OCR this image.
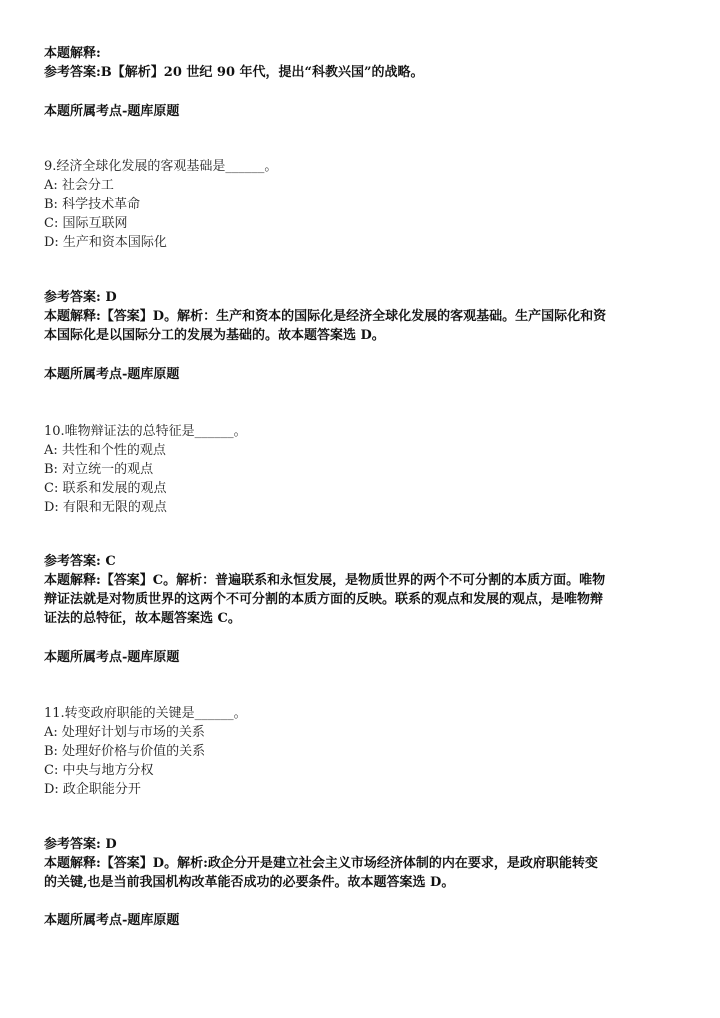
本题解释:
参考答案:B【解析】20 世纪 90 年代，提出“科教兴国”的战略。
本题所属考点-题库原题
9.经济全球化发展的客观基础是______。
A: 社会分工
B: 科学技术革命
C: 国际互联网
D: 生产和资本国际化
参考答案: D
本题解释:【答案】D。解析：生产和资本的国际化是经济全球化发展的客观基础。生产国际化和资
本国际化是以国际分工的发展为基础的。故本题答案选 D。
本题所属考点-题库原题
10.唯物辩证法的总特征是______。
A: 共性和个性的观点
B: 对立统一的观点
C: 联系和发展的观点
D: 有限和无限的观点
参考答案: C
本题解释:【答案】C。解析：普遍联系和永恒发展，是物质世界的两个不可分割的本质方面。唯物
辩证法就是对物质世界的这两个不可分割的本质方面的反映。联系的观点和发展的观点，是唯物辩
证法的总特征，故本题答案选 C。
本题所属考点-题库原题
11.转变政府职能的关键是______。
A: 处理好计划与市场的关系
B: 处理好价格与价值的关系
C: 中央与地方分权
D: 政企职能分开
参考答案: D
本题解释:【答案】D。解析:政企分开是建立社会主义市场经济体制的内在要求，是政府职能转变
的关键,也是当前我国机构改革能否成功的必要条件。故本题答案选 D。
本题所属考点-题库原题
